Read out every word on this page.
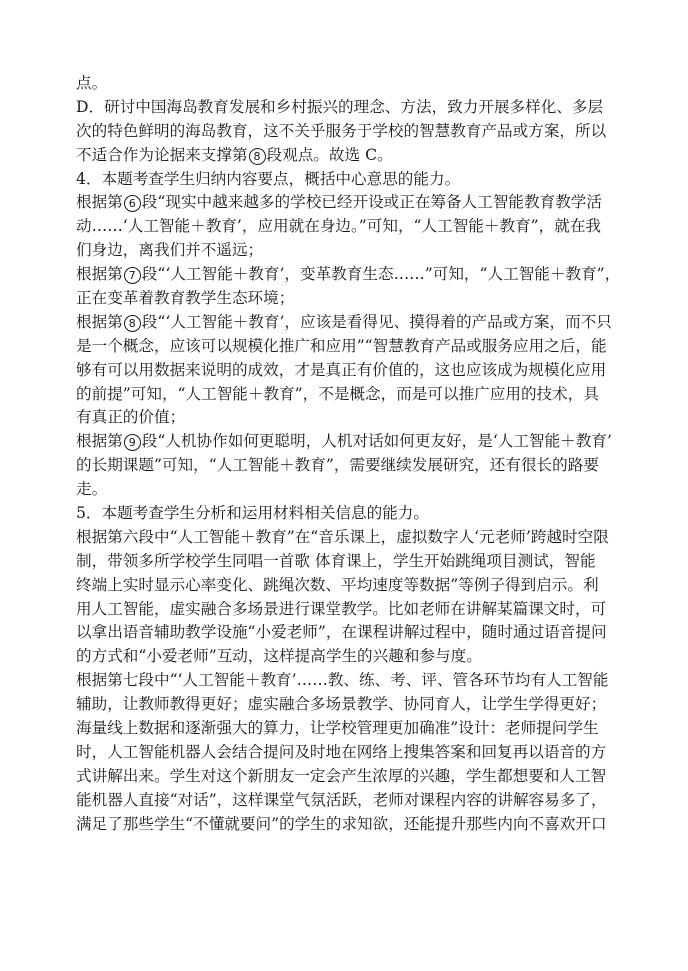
点。
D．研讨中国海岛教育发展和乡村振兴的理念、方法，致力开展多样化、多层
次的特色鲜明的海岛教育，这不关乎服务于学校的智慧教育产品或方案，所以
不适合作为论据来支撑第 8 段观点。故选 C。
4．本题考查学生归纳内容要点，概括中心意思的能力。
根据第 6 段“现实中越来越多的学校已经开设或正在筹备人工智能教育教学活
动……‘人工智能＋教育’，应用就在身边。”可知，“人工智能＋教育”，就在我
们身边，离我们并不遥远；
根据第 7 段“‘人工智能＋教育’，变革教育生态……”可知，“人工智能＋教育”，
正在变革着教育教学生态环境；
根据第 8 段“‘人工智能＋教育’，应该是看得见、摸得着的产品或方案，而不只
是一个概念，应该可以规模化推广和应用”“智慧教育产品或服务应用之后，能
够有可以用数据来说明的成效，才是真正有价值的，这也应该成为规模化应用
的前提”可知，“人工智能＋教育”，不是概念，而是可以推广应用的技术，具
有真正的价值；
根据第 9 段“人机协作如何更聪明，人机对话如何更友好，是‘人工智能＋教育’
的长期课题”可知，“人工智能＋教育”，需要继续发展研究，还有很长的路要
走。
5．本题考查学生分析和运用材料相关信息的能力。
根据第六段中“人工智能＋教育”在“音乐课上，虚拟数字人‘元老师’跨越时空限
制，带领多所学校学生同唱一首歌 体育课上，学生开始跳绳项目测试，智能
终端上实时显示心率变化、跳绳次数、平均速度等数据”等例子得到启示。利
用人工智能，虚实融合多场景进行课堂教学。比如老师在讲解某篇课文时，可
以拿出语音辅助教学设施“小爱老师”，在课程讲解过程中，随时通过语音提问
的方式和“小爱老师”互动，这样提高学生的兴趣和参与度。
根据第七段中“‘人工智能＋教育’……教、练、考、评、管各环节均有人工智能
辅助，让教师教得更好；虚实融合多场景教学、协同育人，让学生学得更好；
海量线上数据和逐渐强大的算力，让学校管理更加确准”设计：老师提问学生
时，人工智能机器人会结合提问及时地在网络上搜集答案和回复再以语音的方
式讲解出来。学生对这个新朋友一定会产生浓厚的兴趣，学生都想要和人工智
能机器人直接“对话”，这样课堂气氛活跃，老师对课程内容的讲解容易多了，
满足了那些学生“不懂就要问”的学生的求知欲，还能提升那些内向不喜欢开口
